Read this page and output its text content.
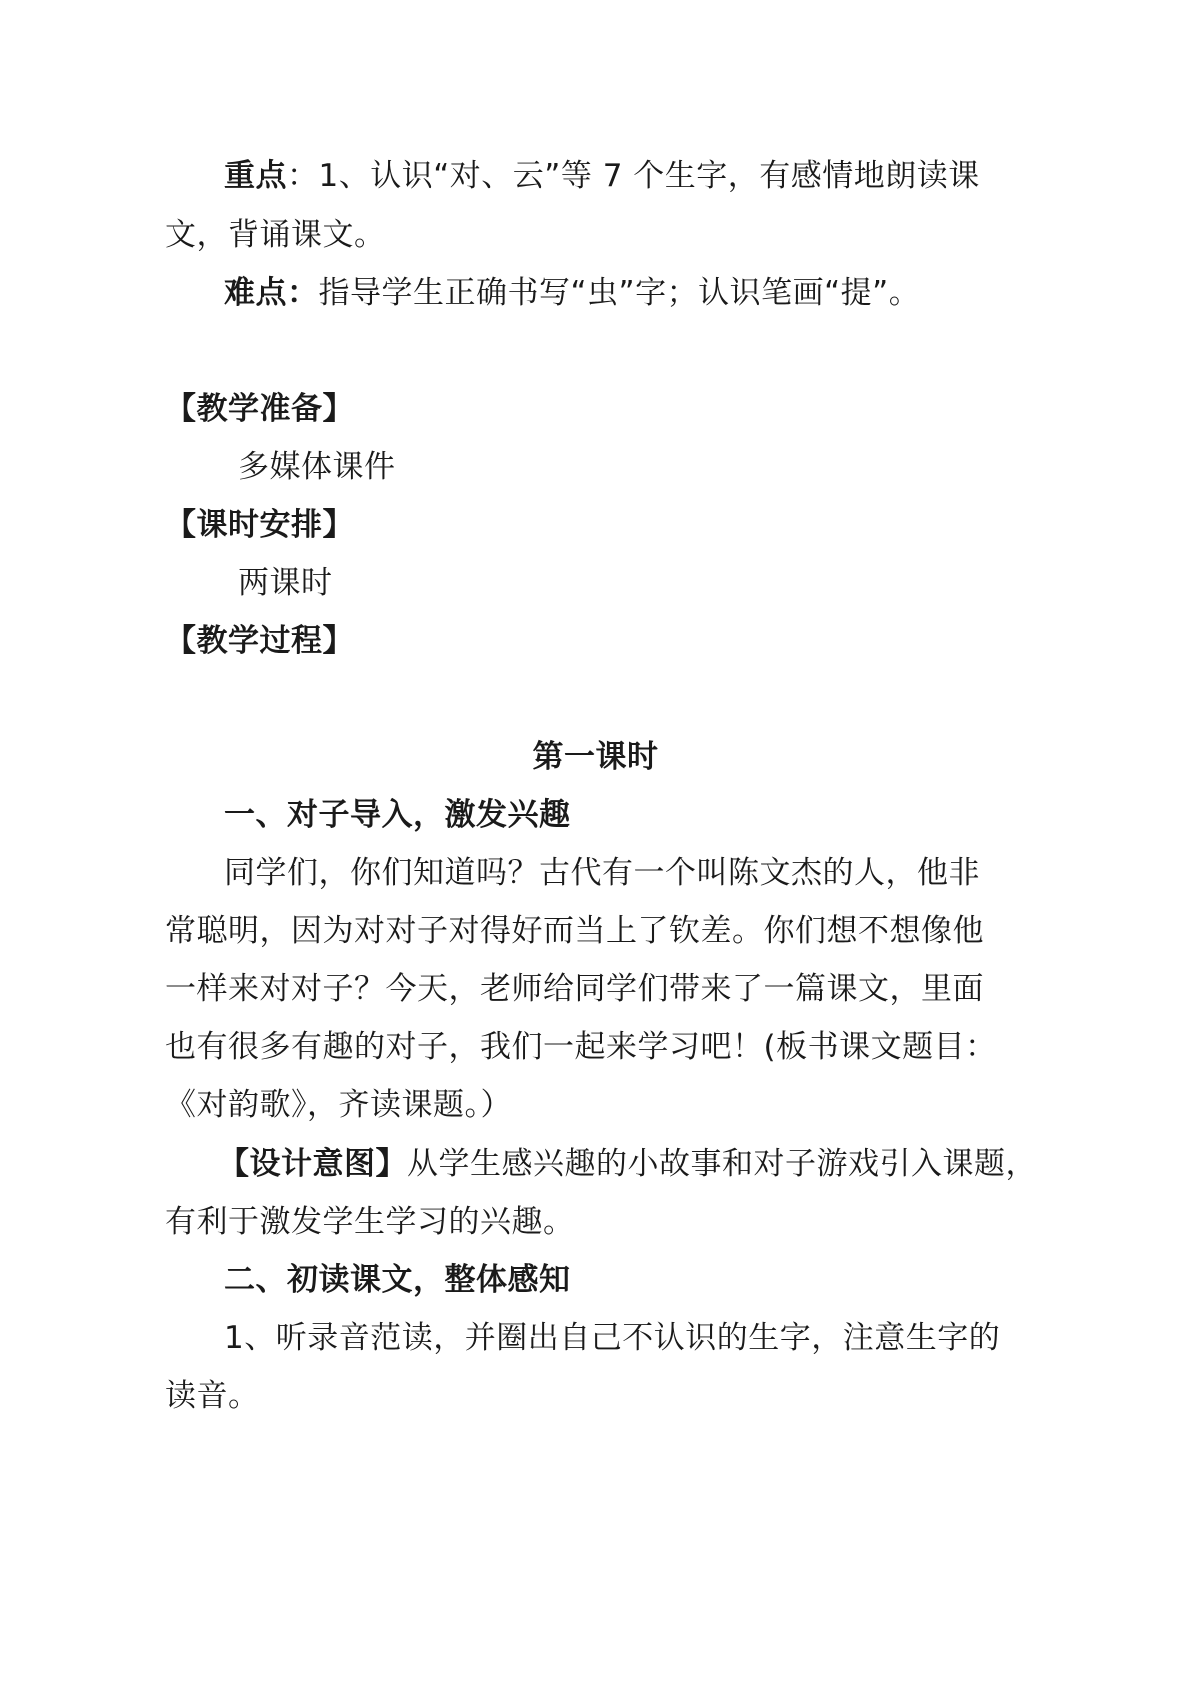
重点：1、认识“对、云”等 7 个生字，有感情地朗读课
文，背诵课文。
难点：指导学生正确书写“虫”字；认识笔画“提”。
【教学准备】
多媒体课件
【课时安排】
两课时
【教学过程】
第一课时
一、对子导入，激发兴趣
同学们，你们知道吗？古代有一个叫陈文杰的人，他非
常聪明，因为对对子对得好而当上了钦差。你们想不想像他
一样来对对子？今天，老师给同学们带来了一篇课文，里面
也有很多有趣的对子，我们一起来学习吧！(板书课文题目：
《对韵歌》，齐读课题。）
【设计意图】从学生感兴趣的小故事和对子游戏引入课题，
有利于激发学生学习的兴趣。
二、初读课文，整体感知
1、听录音范读，并圈出自己不认识的生字，注意生字的
读音。
